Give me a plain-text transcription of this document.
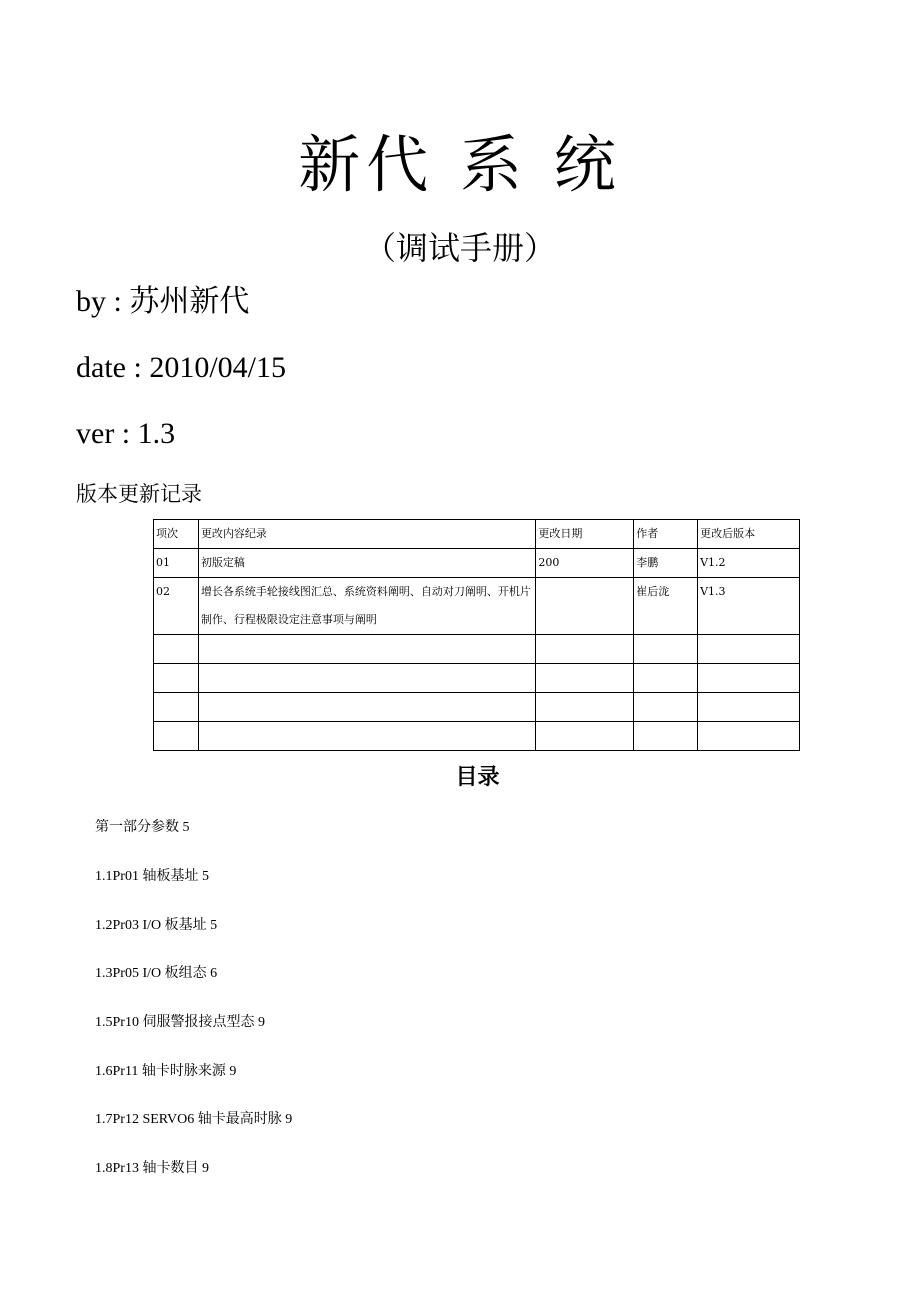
新代 系 统
（调试手册）
by : 苏州新代
date : 2010/04/15
ver : 1.3
版本更新记录
项次	更改内容纪录	更改日期	作者	更改后版本
01	初版定稿	200	李鹏	V1.2
02	增长各系统手轮接线图汇总、系统资料阐明、自动对刀阐明、开机片制作、行程极限设定注意事项与阐明		崔后泷	V1.3

目录
第一部分参数 5
1.1Pr01 轴板基址 5
1.2Pr03 I/O 板基址 5
1.3Pr05 I/O 板组态 6
1.5Pr10 伺服警报接点型态 9
1.6Pr11 轴卡时脉来源 9
1.7Pr12 SERVO6 轴卡最高时脉 9
1.8Pr13 轴卡数目 9
